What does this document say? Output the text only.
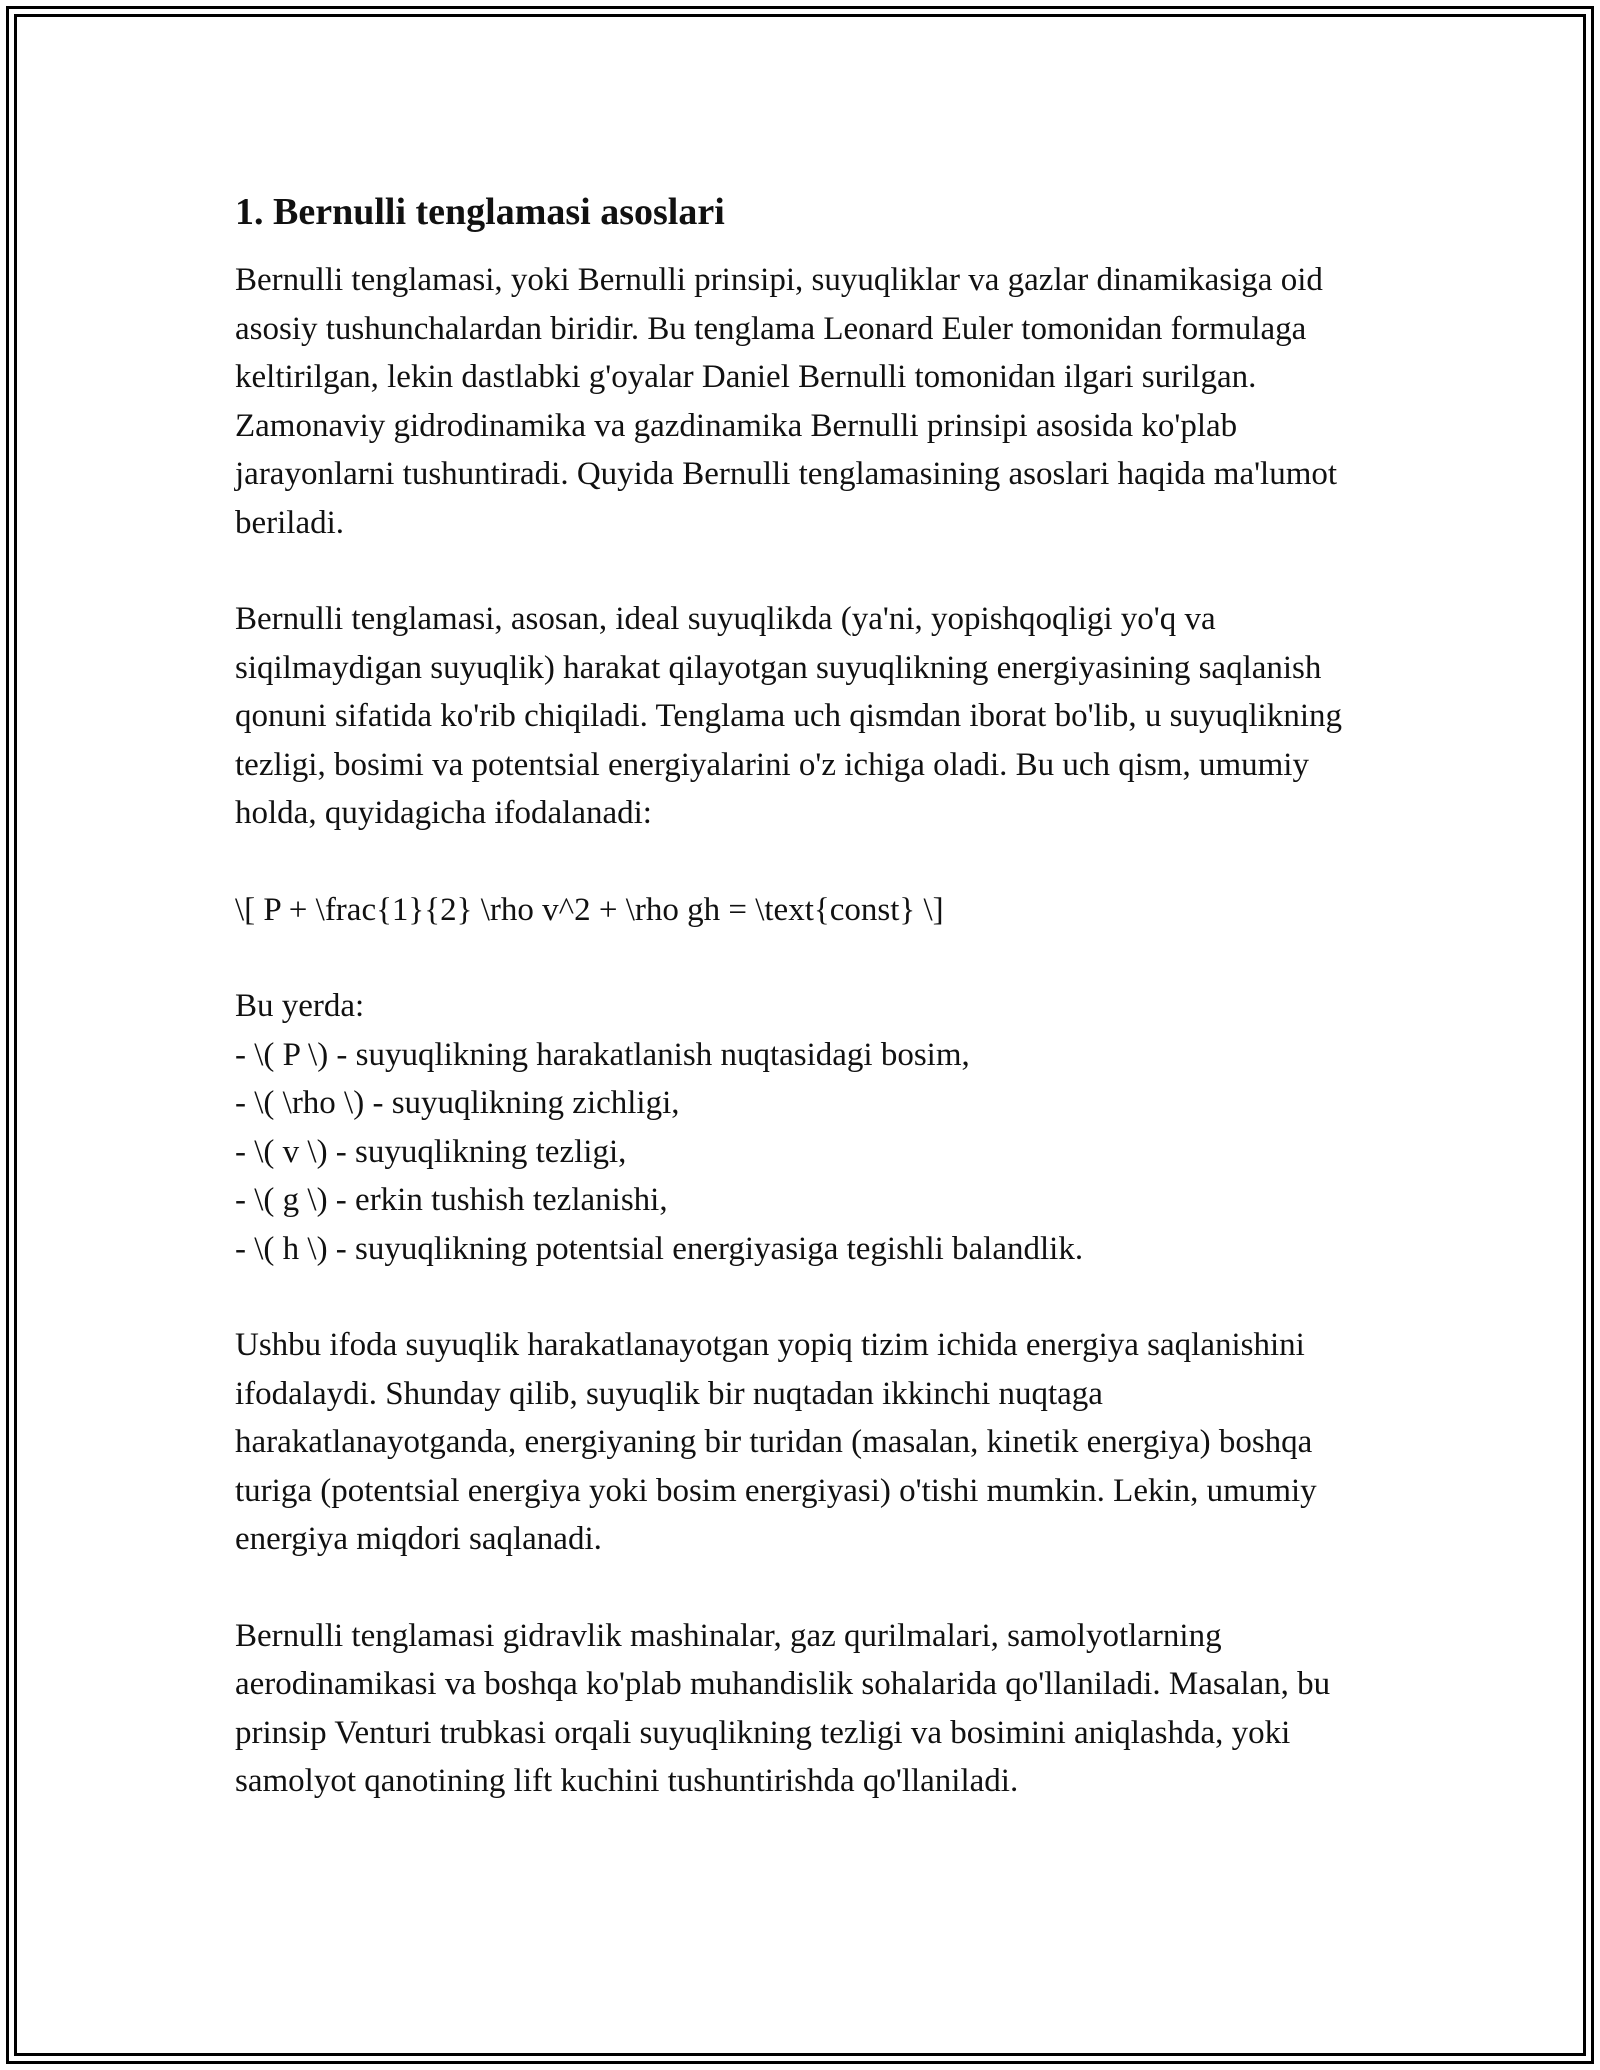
1. Bernulli tenglamasi asoslari

Bernulli tenglamasi, yoki Bernulli prinsipi, suyuqliklar va gazlar dinamikasiga oid asosiy tushunchalardan biridir. Bu tenglama Leonard Euler tomonidan formulaga keltirilgan, lekin dastlabki g'oyalar Daniel Bernulli tomonidan ilgari surilgan. Zamonaviy gidrodinamika va gazdinamika Bernulli prinsipi asosida ko'plab jarayonlarni tushuntiradi. Quyida Bernulli tenglamasining asoslari haqida ma'lumot beriladi.

Bernulli tenglamasi, asosan, ideal suyuqlikda (ya'ni, yopishqoqligi yo'q va siqilmaydigan suyuqlik) harakat qilayotgan suyuqlikning energiyasining saqlanish qonuni sifatida ko'rib chiqiladi. Tenglama uch qismdan iborat bo'lib, u suyuqlikning tezligi, bosimi va potentsial energiyalarini o'z ichiga oladi. Bu uch qism, umumiy holda, quyidagicha ifodalanadi:

\[ P + \frac{1}{2} \rho v^2 + \rho gh = \text{const} \]

Bu yerda:
- \( P \) - suyuqlikning harakatlanish nuqtasidagi bosim,
- \( \rho \) - suyuqlikning zichligi,
- \( v \) - suyuqlikning tezligi,
- \( g \) - erkin tushish tezlanishi,
- \( h \) - suyuqlikning potentsial energiyasiga tegishli balandlik.

Ushbu ifoda suyuqlik harakatlanayotgan yopiq tizim ichida energiya saqlanishini ifodalaydi. Shunday qilib, suyuqlik bir nuqtadan ikkinchi nuqtaga harakatlanayotganda, energiyaning bir turidan (masalan, kinetik energiya) boshqa turiga (potentsial energiya yoki bosim energiyasi) o'tishi mumkin. Lekin, umumiy energiya miqdori saqlanadi.

Bernulli tenglamasi gidravlik mashinalar, gaz qurilmalari, samolyotlarning aerodinamikasi va boshqa ko'plab muhandislik sohalarida qo'llaniladi. Masalan, bu prinsip Venturi trubkasi orqali suyuqlikning tezligi va bosimini aniqlashda, yoki samolyot qanotining lift kuchini tushuntirishda qo'llaniladi.
